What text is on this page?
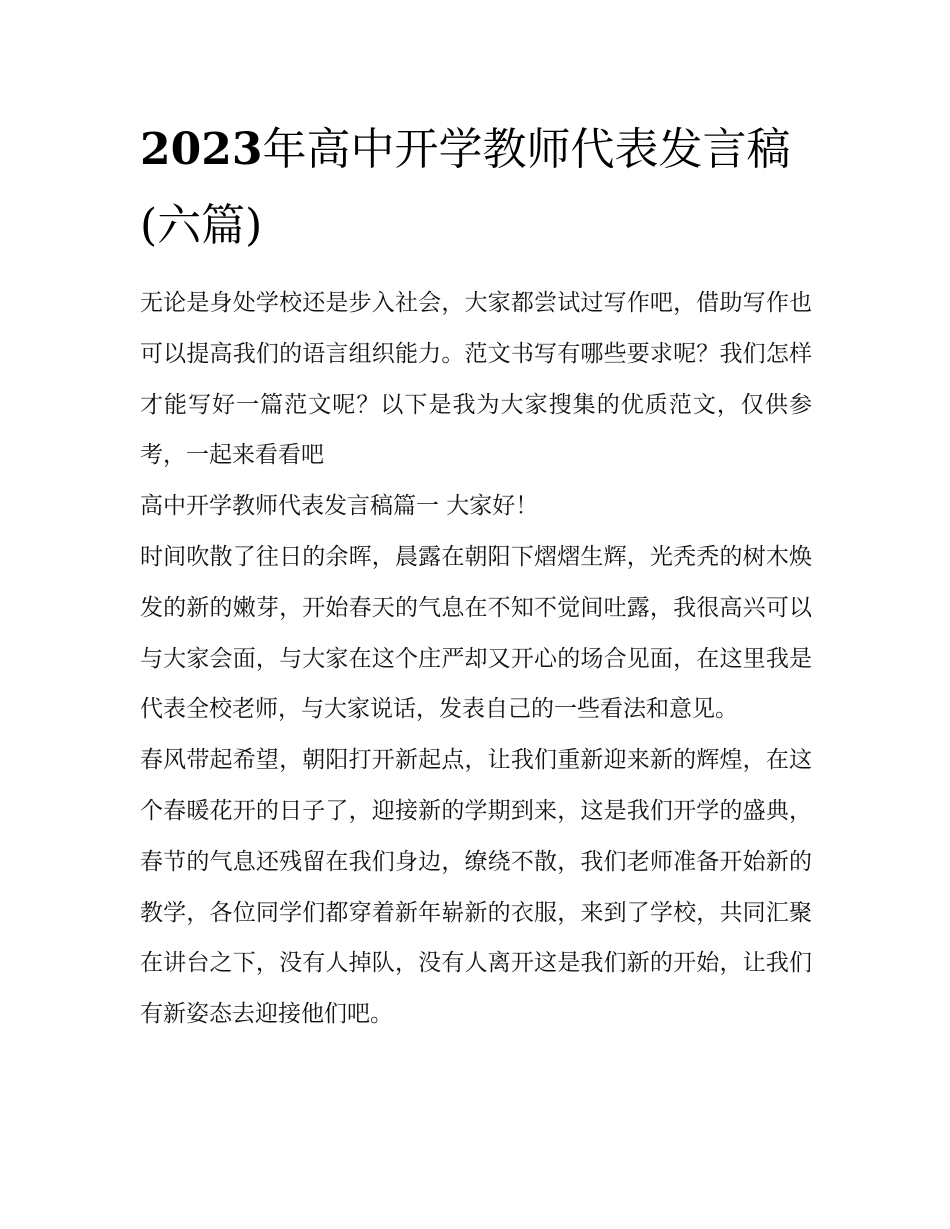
2023年高中开学教师代表发言稿(六篇)

无论是身处学校还是步入社会，大家都尝试过写作吧，借助写作也可以提高我们的语言组织能力。范文书写有哪些要求呢？我们怎样才能写好一篇范文呢？以下是我为大家搜集的优质范文，仅供参考，一起来看看吧

高中开学教师代表发言稿篇一 大家好！

时间吹散了往日的余晖，晨露在朝阳下熠熠生辉，光秃秃的树木焕发的新的嫩芽，开始春天的气息在不知不觉间吐露，我很高兴可以与大家会面，与大家在这个庄严却又开心的场合见面，在这里我是代表全校老师，与大家说话，发表自己的一些看法和意见。

春风带起希望，朝阳打开新起点，让我们重新迎来新的辉煌，在这个春暖花开的日子了，迎接新的学期到来，这是我们开学的盛典，春节的气息还残留在我们身边，缭绕不散，我们老师准备开始新的教学，各位同学们都穿着新年崭新的衣服，来到了学校，共同汇聚在讲台之下，没有人掉队，没有人离开这是我们新的开始，让我们有新姿态去迎接他们吧。
